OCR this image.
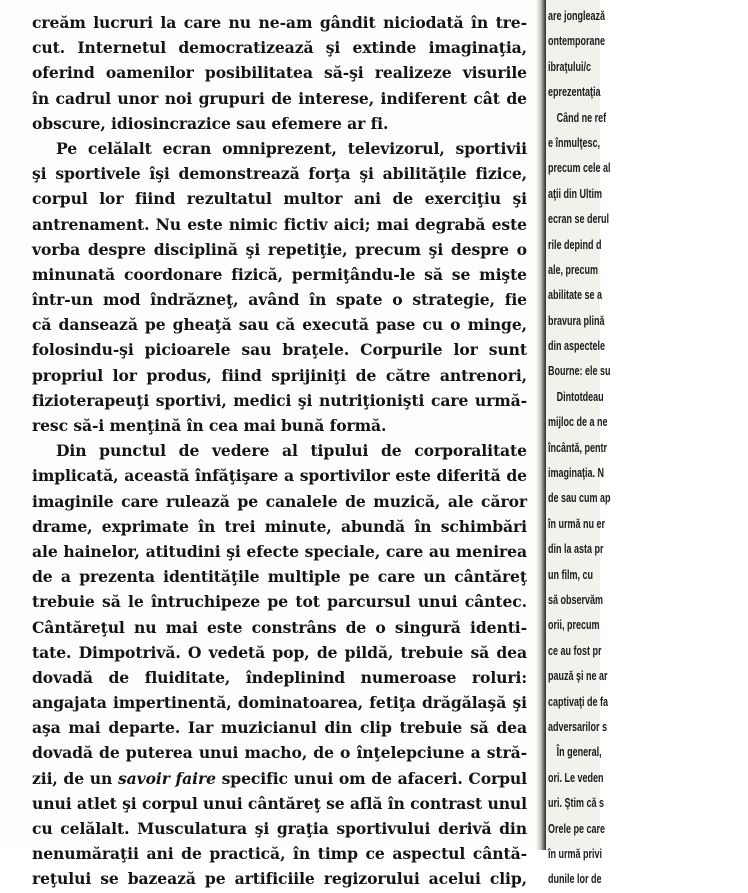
creăm lucruri la care nu ne-am gândit niciodată în tre-
cut. Internetul democratizează şi extinde imaginaţia,
oferind oamenilor posibilitatea să-şi realizeze visurile
în cadrul unor noi grupuri de interese, indiferent cât de
obscure, idiosincrazice sau efemere ar fi.
Pe celălalt ecran omniprezent, televizorul, sportivii
şi sportivele îşi demonstrează forţa şi abilităţile fizice,
corpul lor fiind rezultatul multor ani de exerciţiu şi
antrenament. Nu este nimic fictiv aici; mai degrabă este
vorba despre disciplină şi repetiţie, precum şi despre o
minunată coordonare fizică, permiţându-le să se mişte
într-un mod îndrăzneţ, având în spate o strategie, fie
că dansează pe gheaţă sau că execută pase cu o minge,
folosindu-şi picioarele sau braţele. Corpurile lor sunt
propriul lor produs, fiind sprijiniţi de către antrenori,
fizioterapeuţi sportivi, medici şi nutriţionişti care urmă-
resc să-i menţină în cea mai bună formă.
Din punctul de vedere al tipului de corporalitate
implicată, această înfăţişare a sportivilor este diferită de
imaginile care rulează pe canalele de muzică, ale căror
drame, exprimate în trei minute, abundă în schimbări
ale hainelor, atitudini şi efecte speciale, care au menirea
de a prezenta identităţile multiple pe care un cântăreţ
trebuie să le întruchipeze pe tot parcursul unui cântec.
Cântăreţul nu mai este constrâns de o singură identi-
tate. Dimpotrivă. O vedetă pop, de pildă, trebuie să dea
dovadă de fluiditate, îndeplinind numeroase roluri:
angajata impertinentă, dominatoarea, fetiţa drăgălaşă şi
aşa mai departe. Iar muzicianul din clip trebuie să dea
dovadă de puterea unui macho, de o înţelepciune a stră-
zii, de un savoir faire specific unui om de afaceri. Corpul
unui atlet şi corpul unui cântăreţ se află în contrast unul
cu celălalt. Musculatura şi graţia sportivului derivă din
nenumăraţii ani de practică, în timp ce aspectul cântă-
reţului se bazează pe artificiile regizorului acelui clip,
are jonglează
ontemporane
ibraţului/c
eprezentaţia
Când ne ref
e înmulţesc,
precum cele al
aţii din Ultim
ecran se derul
rile depind d
ale, precum
abilitate se a
bravura plină
din aspectele
Bourne: ele su
Dintotdeau
mijloc de a ne
încântă, pentr
imaginaţia. N
de sau cum ap
în urmă nu er
din la asta pr
un film, cu
să observăm
orii, precum
ce au fost pr
pauză şi ne ar
captivaţi de fa
adversarilor s
În general,
ori. Le veden
uri. Ştim că s
Orele pe care
în urmă privi
dunile lor de
